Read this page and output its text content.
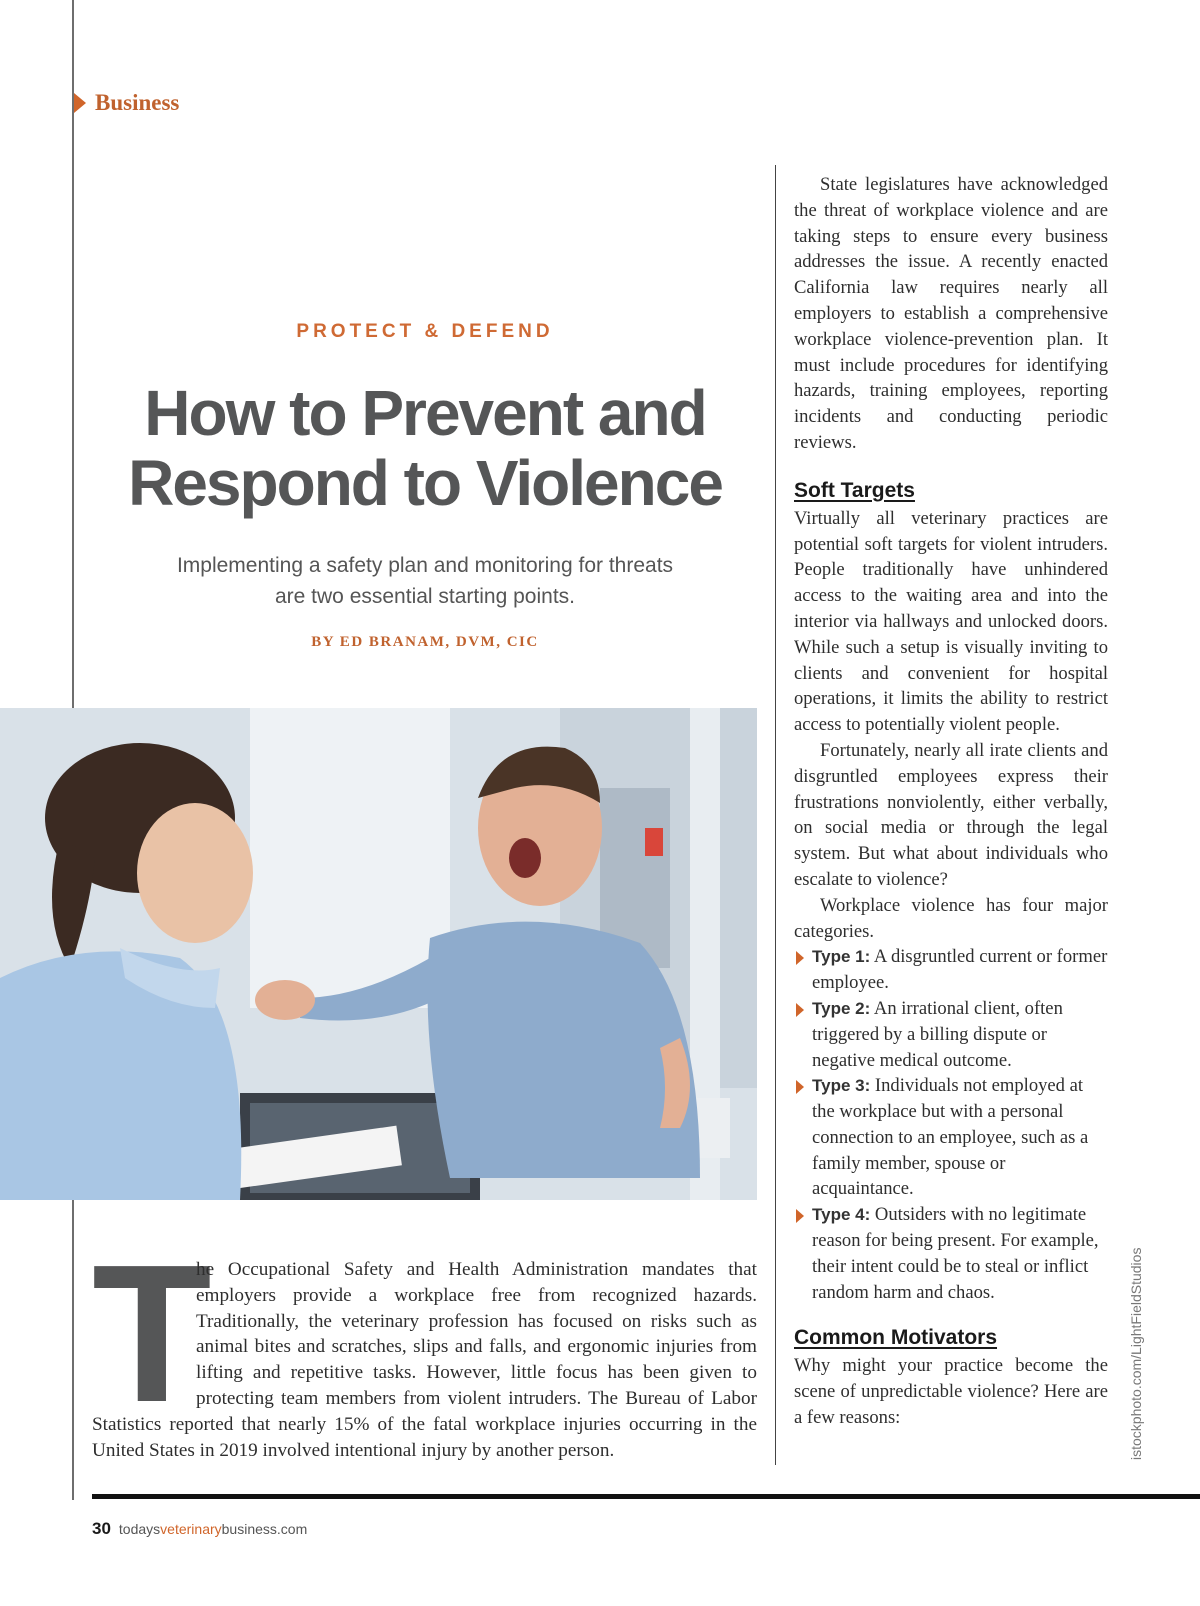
Business
PROTECT & DEFEND
How to Prevent and
Respond to Violence
Implementing a safety plan and monitoring for threats
are two essential starting points.
BY ED BRANAM, DVM, CIC
T
he Occupational Safety and Health Administration mandates that employers provide a workplace free from recognized hazards. Traditionally, the veterinary profession has focused on risks such as animal bites and scratches, slips and falls, and ergonomic injuries from lifting and repetitive tasks. However, little focus has been given to protecting team members from violent intruders. The Bureau of Labor Statistics reported that nearly 15% of the fatal workplace injuries occurring in the United States in 2019 involved intentional injury by another person.

State legislatures have acknowledged the threat of workplace violence and are taking steps to ensure every business addresses the issue. A recently enacted California law requires nearly all employers to establish a comprehensive workplace violence-prevention plan. It must include procedures for identifying hazards, training employees, reporting incidents and conducting periodic reviews.

Soft Targets

Virtually all veterinary practices are potential soft targets for violent intruders. People traditionally have unhindered access to the waiting area and into the interior via hallways and unlocked doors. While such a setup is visually inviting to clients and convenient for hospital operations, it limits the ability to restrict access to potentially violent people.

Fortunately, nearly all irate clients and disgruntled employees express their frustrations nonviolently, either verbally, on social media or through the legal system. But what about individuals who escalate to violence?

Workplace violence has four major categories.

Type 1: A disgruntled current or former employee.
Type 2: An irrational client, often triggered by a billing dispute or negative medical outcome.
Type 3: Individuals not employed at the workplace but with a personal connection to an employee, such as a family member, spouse or acquaintance.
Type 4: Outsiders with no legitimate reason for being present. For example, their intent could be to steal or inflict random harm and chaos.
Common Motivators

Why might your practice become the scene of unpredictable violence? Here are a few reasons:	istockphoto.com/LightFieldStudios
30 todaysveterinarybusiness.com
